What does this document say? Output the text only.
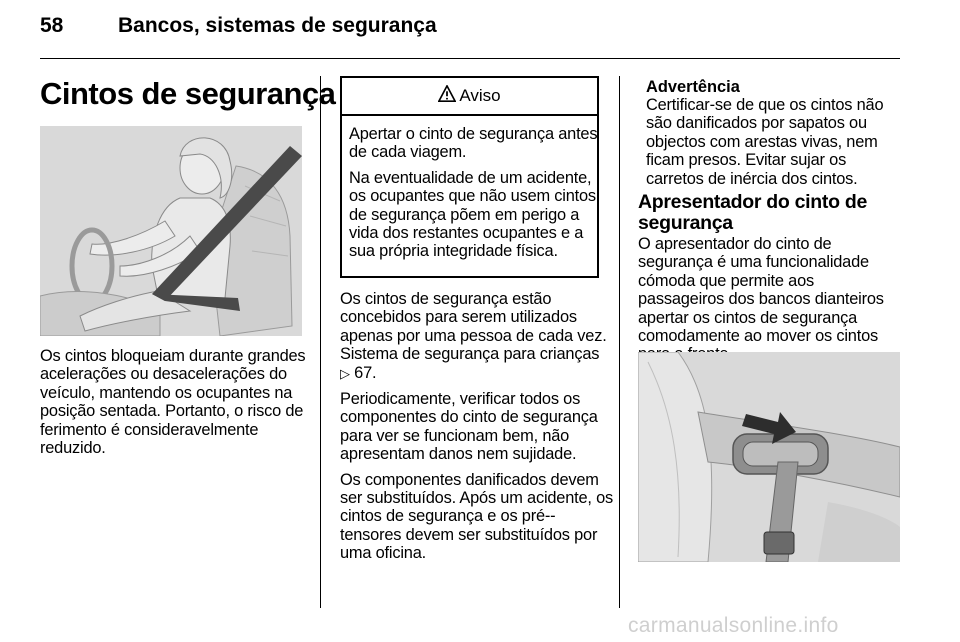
58	Bancos, sistemas de segurança
Cintos de segurança

Os cintos bloqueiam durante grandes acelerações ou desacelerações do veículo, mantendo os ocupantes na posição sentada. Portanto, o risco de ferimento é consideravelmente reduzido.

Aviso

Apertar o cinto de segurança antes de cada viagem.

Na eventualidade de um acidente, os ocupantes que não usem cintos de segurança põem em perigo a vida dos restantes ocupantes e a sua própria integridade física.

Os cintos de segurança estão concebidos para serem utilizados apenas por uma pessoa de cada vez. Sistema de segurança para crianças
▷ 67.

Periodicamente, verificar todos os componentes do cinto de segurança para ver se funcionam bem, não apresentam danos nem sujidade.

Os componentes danificados devem ser substituídos. Após um acidente, os cintos de segurança e os pré--tensores devem ser substituídos por uma oficina.

Advertência

Certificar-se de que os cintos não são danificados por sapatos ou objectos com arestas vivas, nem ficam presos. Evitar sujar os carretos de inércia dos cintos.

Apresentador do cinto de segurança

O apresentador do cinto de segurança é uma funcionalidade cómoda que permite aos passageiros dos bancos dianteiros apertar os cintos de segurança comodamente ao mover os cintos

carmanualsonline.info
